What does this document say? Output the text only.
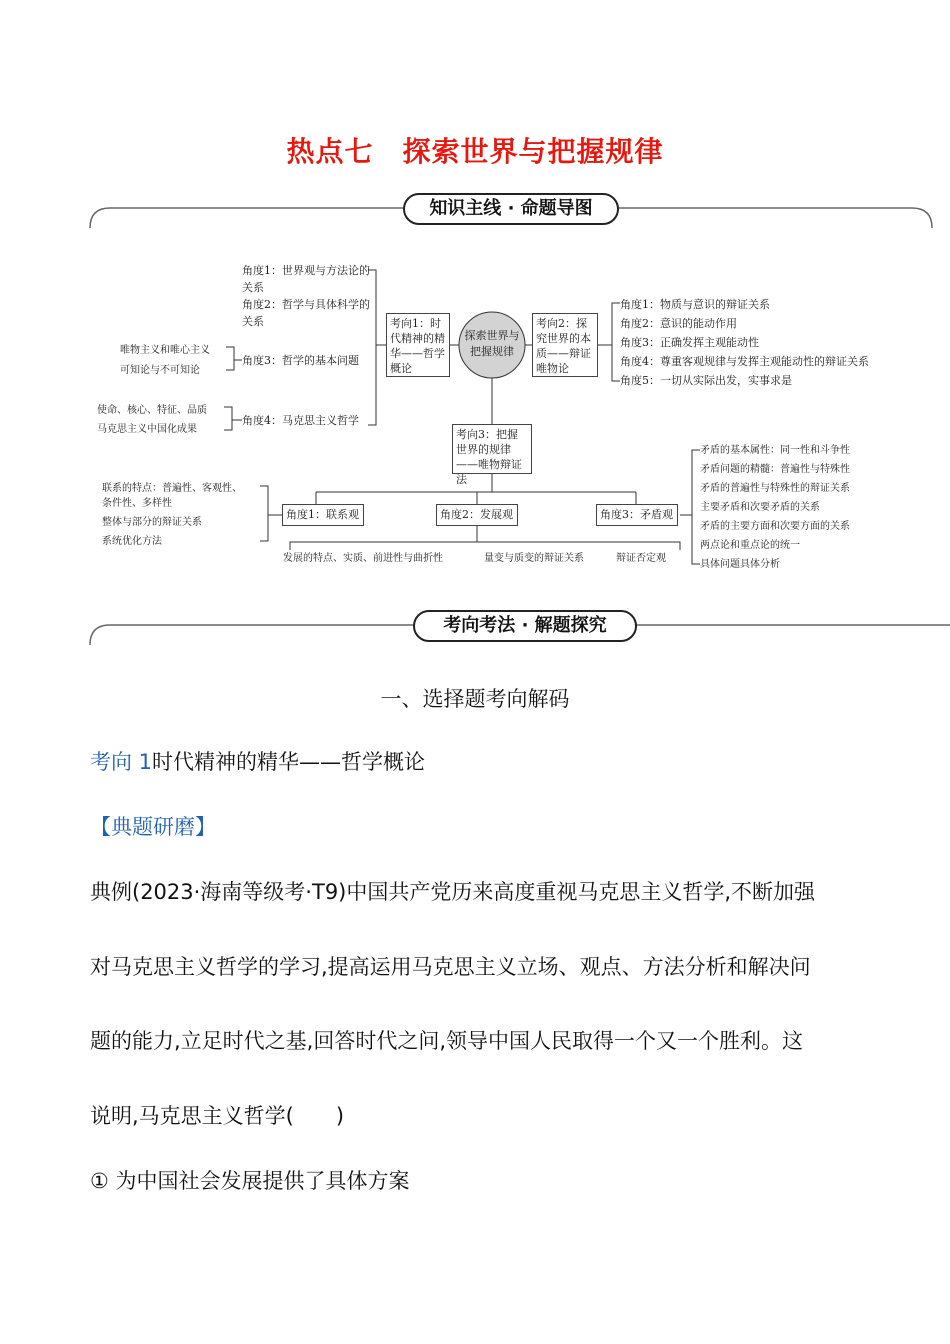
热点七　探索世界与把握规律
知识主线 · 命题导图
探索世界与把握规律
考向1：时代精神的精华——哲学概论
考向2：探究世界的本质——辩证唯物论
考向3：把握世界的规律——唯物辩证法
角度1：世界观与方法论的关系
角度2：哲学与具体科学的关系
角度3：哲学的基本问题
角度4：马克思主义哲学
唯物主义和唯心主义
可知论与不可知论
使命、核心、特征、品质
马克思主义中国化成果
角度1：物质与意识的辩证关系
角度2：意识的能动作用
角度3：正确发挥主观能动性
角度4：尊重客观规律与发挥主观能动性的辩证关系
角度5：一切从实际出发，实事求是
角度1：联系观	角度2：发展观	角度3：矛盾观
联系的特点：普遍性、客观性、
条件性、多样性
整体与部分的辩证关系
系统优化方法
发展的特点、实质、前进性与曲折性	量变与质变的辩证关系	辩证否定观
矛盾的基本属性：同一性和斗争性
矛盾问题的精髓：普遍性与特殊性
矛盾的普遍性与特殊性的辩证关系
主要矛盾和次要矛盾的关系
矛盾的主要方面和次要方面的关系
两点论和重点论的统一
具体问题具体分析
考向考法 · 解题探究
一、选择题考向解码
考向 1时代精神的精华——哲学概论
【典题研磨】
典例(2023·海南等级考·T9)中国共产党历来高度重视马克思主义哲学,不断加强
对马克思主义哲学的学习,提高运用马克思主义立场、观点、方法分析和解决问
题的能力,立足时代之基,回答时代之问,领导中国人民取得一个又一个胜利。这
说明,马克思主义哲学(　　)
① 为中国社会发展提供了具体方案
